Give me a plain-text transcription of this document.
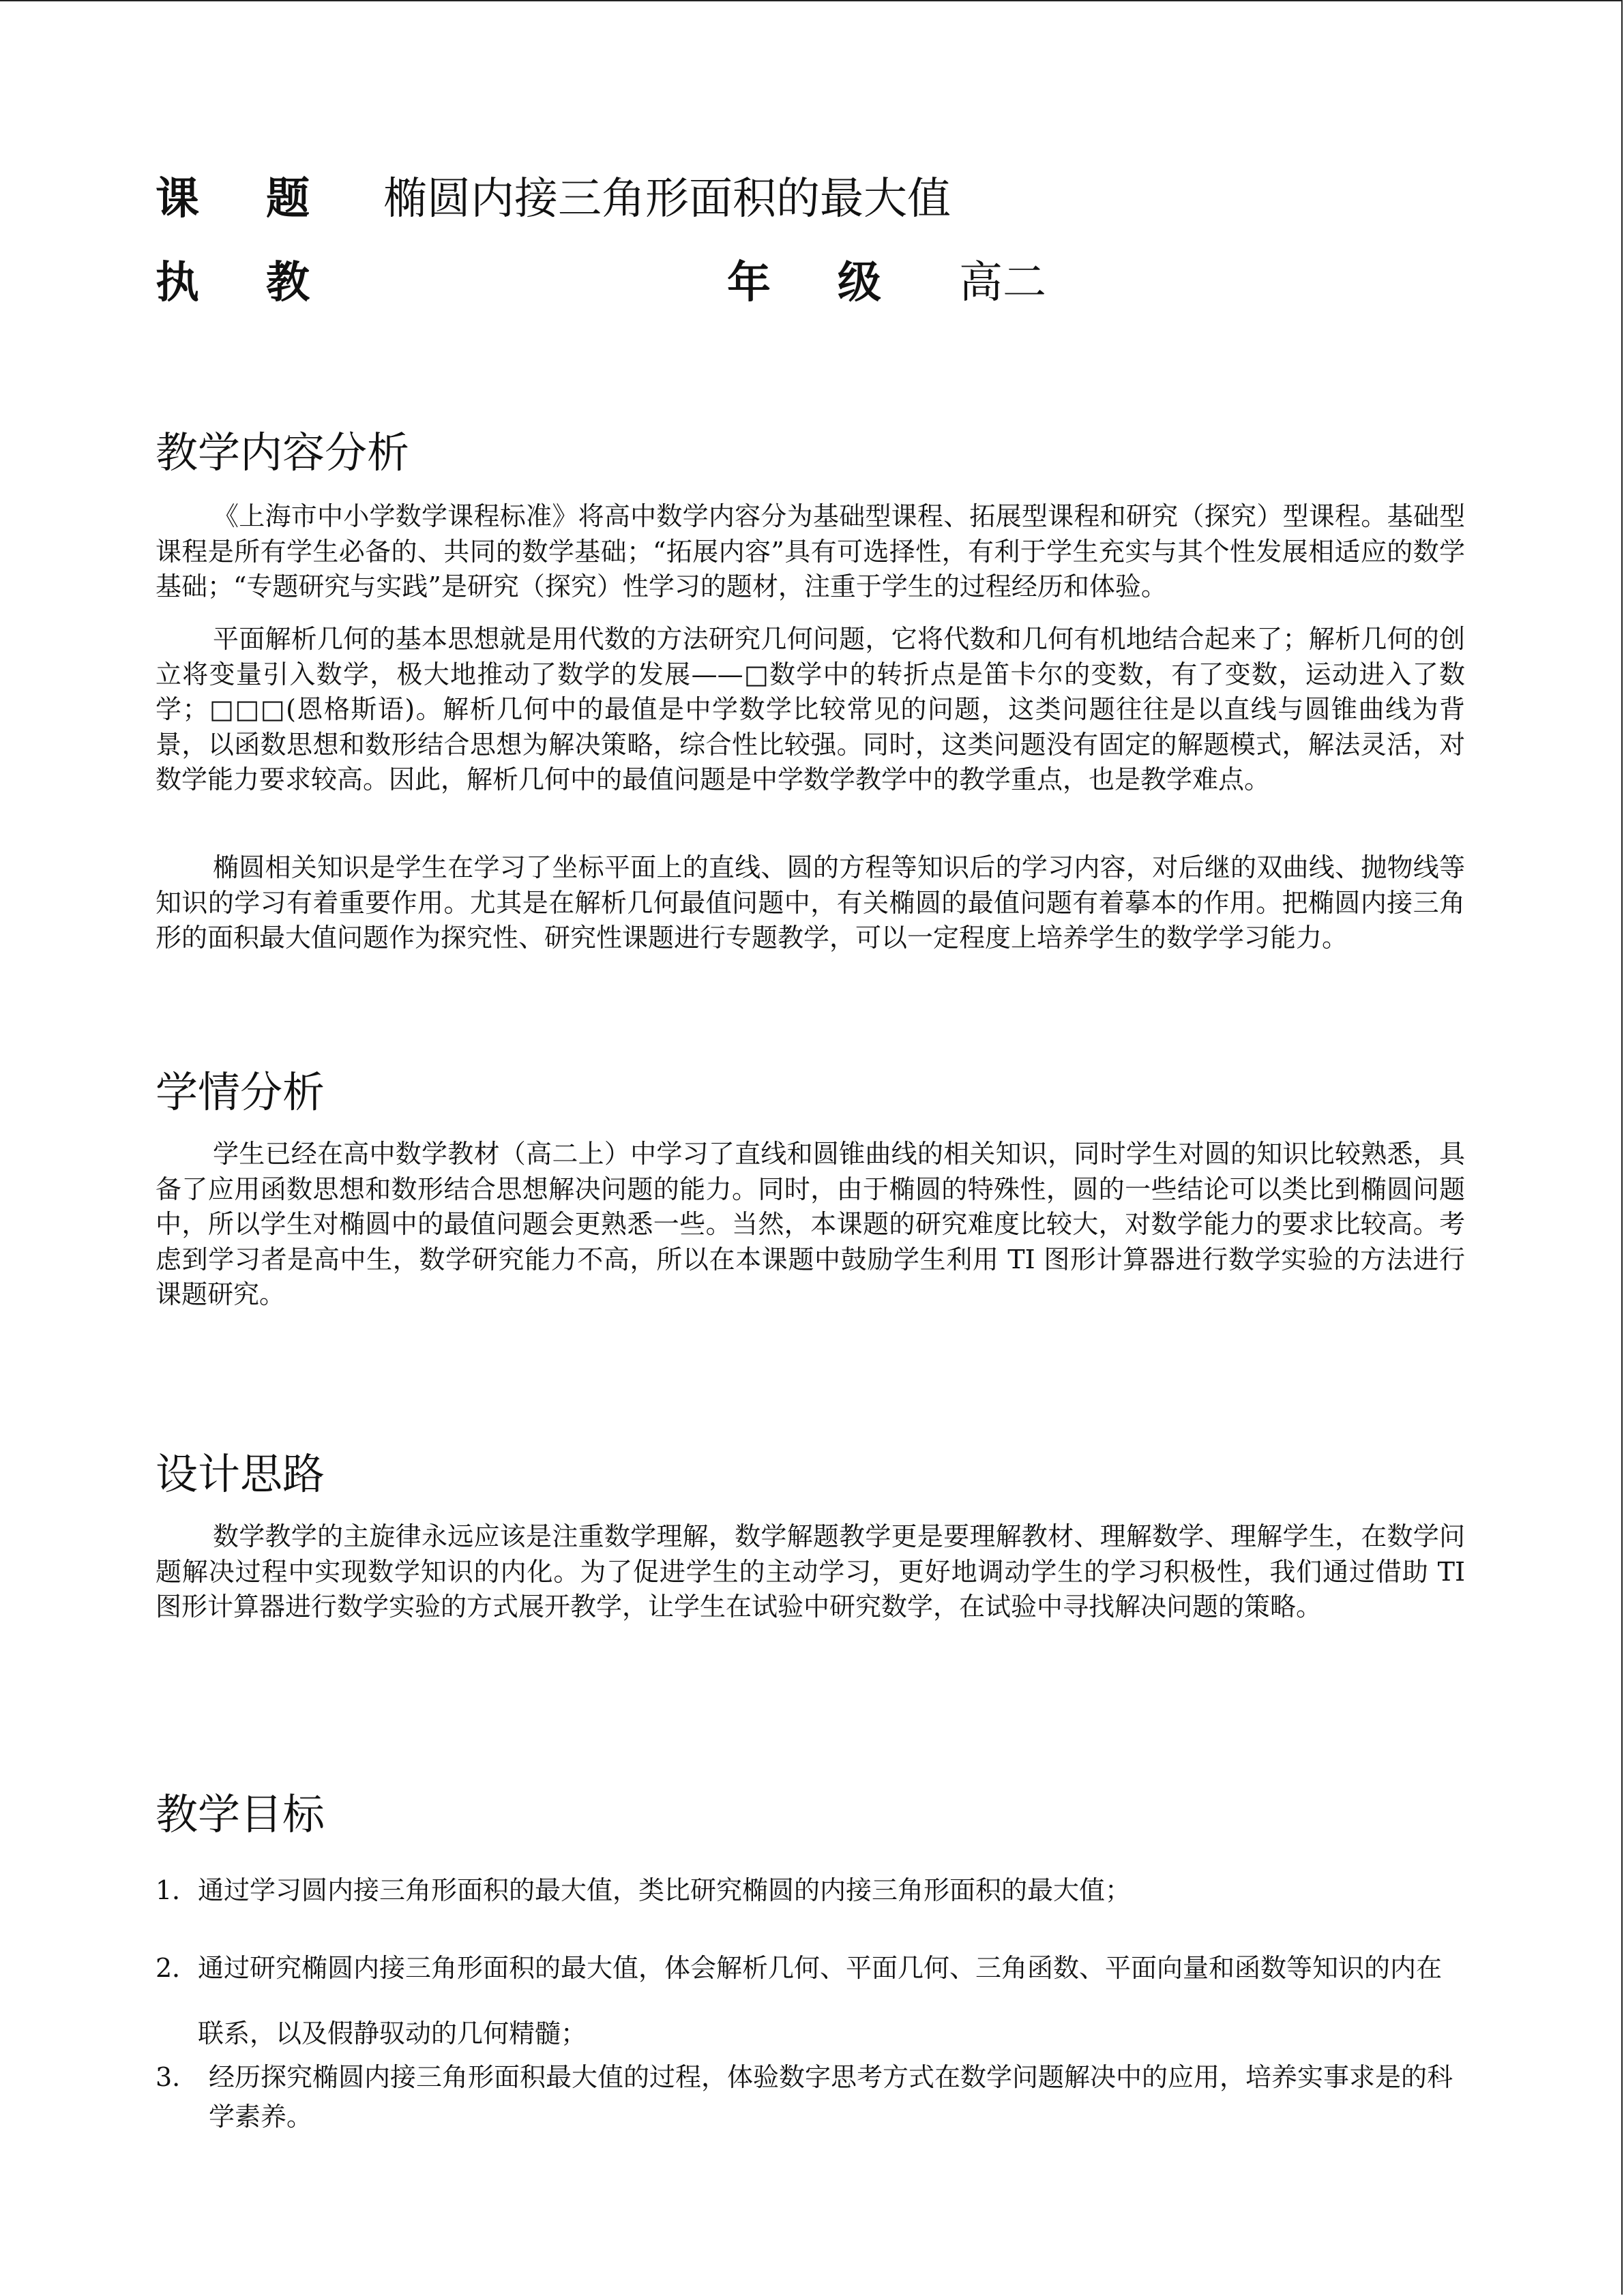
课题 椭圆内接三角形面积的最大值
执教	年级 高二
教学内容分析

《上海市中小学数学课程标准》将高中数学内容分为基础型课程、拓展型课程和研究（探究）型课程。基础型课程是所有学生必备的、共同的数学基础；“拓展内容”具有可选择性，有利于学生充实与其个性发展相适应的数学基础；“专题研究与实践”是研究（探究）性学习的题材，注重于学生的过程经历和体验。

平面解析几何的基本思想就是用代数的方法研究几何问题，它将代数和几何有机地结合起来了；解析几何的创立将变量引入数学，极大地推动了数学的发展——□数学中的转折点是笛卡尔的变数，有了变数，运动进入了数学；□□□(恩格斯语)。解析几何中的最值是中学数学比较常见的问题，这类问题往往是以直线与圆锥曲线为背景，以函数思想和数形结合思想为解决策略，综合性比较强。同时，这类问题没有固定的解题模式，解法灵活，对数学能力要求较高。因此，解析几何中的最值问题是中学数学教学中的教学重点，也是教学难点。

椭圆相关知识是学生在学习了坐标平面上的直线、圆的方程等知识后的学习内容，对后继的双曲线、抛物线等知识的学习有着重要作用。尤其是在解析几何最值问题中，有关椭圆的最值问题有着摹本的作用。把椭圆内接三角形的面积最大值问题作为探究性、研究性课题进行专题教学，可以一定程度上培养学生的数学学习能力。

学情分析

学生已经在高中数学教材（高二上）中学习了直线和圆锥曲线的相关知识，同时学生对圆的知识比较熟悉，具备了应用函数思想和数形结合思想解决问题的能力。同时，由于椭圆的特殊性，圆的一些结论可以类比到椭圆问题中，所以学生对椭圆中的最值问题会更熟悉一些。当然，本课题的研究难度比较大，对数学能力的要求比较高。考虑到学习者是高中生，数学研究能力不高，所以在本课题中鼓励学生利用 TI 图形计算器进行数学实验的方法进行课题研究。

设计思路

数学教学的主旋律永远应该是注重数学理解，数学解题教学更是要理解教材、理解数学、理解学生，在数学问题解决过程中实现数学知识的内化。为了促进学生的主动学习，更好地调动学生的学习积极性，我们通过借助 TI 图形计算器进行数学实验的方式展开教学，让学生在试验中研究数学，在试验中寻找解决问题的策略。

教学目标
1． 通过学习圆内接三角形面积的最大值，类比研究椭圆的内接三角形面积的最大值；
2． 通过研究椭圆内接三角形面积的最大值，体会解析几何、平面几何、三角函数、平面向量和函数等知识的内在联系，以及假静驭动的几何精髓；
3.	经历探究椭圆内接三角形面积最大值的过程，体验数字思考方式在数学问题解决中的应用，培养实事求是的科学素养。
